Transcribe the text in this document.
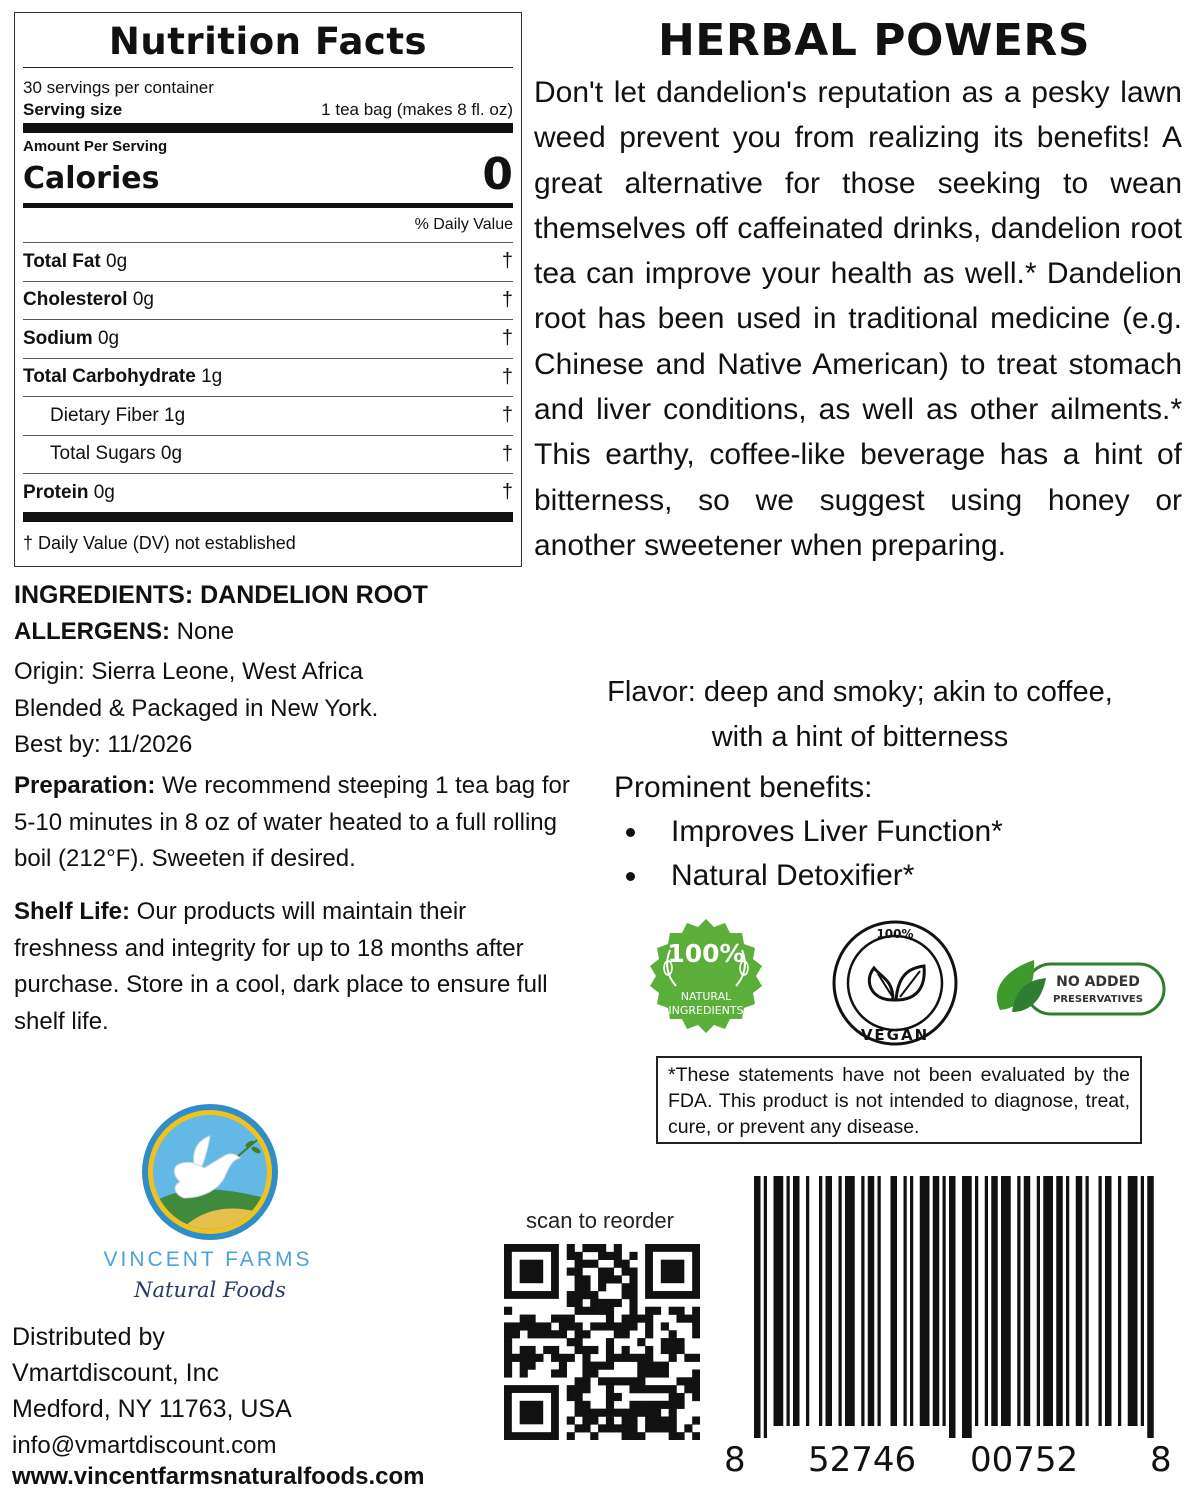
Nutrition Facts
30 servings per container
Serving size	1 tea bag (makes 8 fl. oz)
Amount Per Serving
Calories	0
% Daily Value
Total Fat 0g	†
Cholesterol 0g	†
Sodium 0g	†
Total Carbohydrate 1g	†
Dietary Fiber 1g	†
Total Sugars 0g	†
Protein 0g	†
† Daily Value (DV) not established
INGREDIENTS: DANDELION ROOT
ALLERGENS: None
Origin: Sierra Leone, West Africa
Blended & Packaged in New York.
Best by: 11/2026
Preparation: We recommend steeping 1 tea bag for 5-10 minutes in 8 oz of water heated to a full rolling boil (212°F). Sweeten if desired.
Shelf Life: Our products will maintain their freshness and integrity for up to 18 months after purchase. Store in a cool, dark place to ensure full shelf life.
HERBAL POWERS
Don't let dandelion's reputation as a pesky lawn weed prevent you from realizing its benefits! A great alternative for those seeking to wean themselves off caffeinated drinks, dandelion root tea can improve your health as well.* Dandelion root has been used in traditional medicine (e.g. Chinese and Native American) to treat stomach and liver conditions, as well as other ailments.* This earthy, coffee-like beverage has a hint of bitterness, so we suggest using honey or another sweetener when preparing.
Flavor: deep and smoky; akin to coffee,
with a hint of bitterness
Prominent benefits:
Improves Liver Function*
Natural Detoxifier*
100%
NATURAL
INGREDIENTS
100%
VEGAN
NO ADDED
PRESERVATIVES
*These statements have not been evaluated by the FDA. This product is not intended to diagnose, treat, cure, or prevent any disease.
scan to reorder
8 52746 00752 8
VINCENT FARMS
Natural Foods
Distributed by
Vmartdiscount, Inc
Medford, NY 11763, USA
info@vmartdiscount.com
www.vincentfarmsnaturalfoods.com
